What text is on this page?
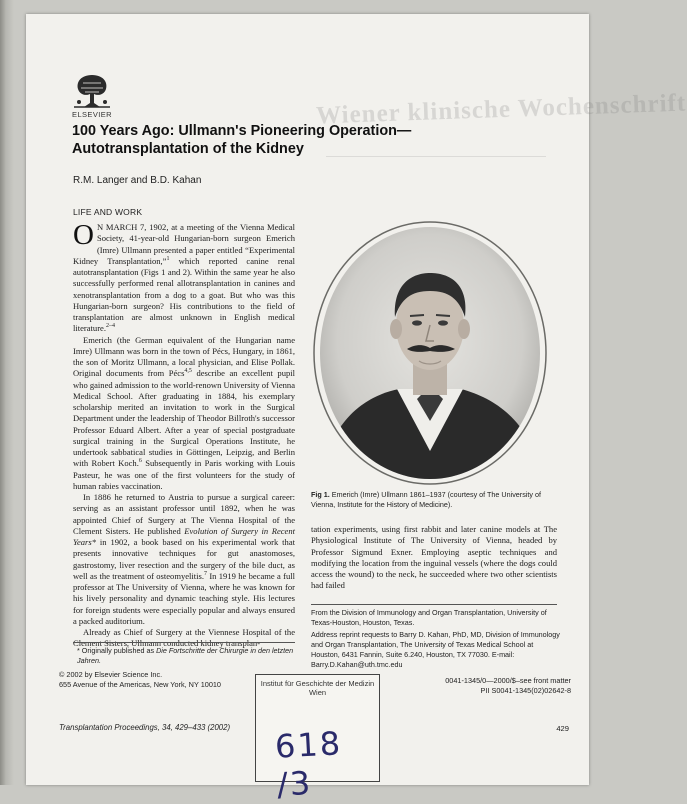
Wiener klinische Wochenschrift
ELSEVIER
100 Years Ago: Ullmann's Pioneering Operation—Autotransplantation of the Kidney
R.M. Langer and B.D. Kahan
LIFE AND WORK

O N MARCH 7, 1902, at a meeting of the Vienna Medical Society, 41-year-old Hungarian-born surgeon Emerich (Imre) Ullmann presented a paper entitled “Experimental Kidney Transplantation,”$^1$ which reported canine renal autotransplantation (Figs 1 and 2). Within the same year he also successfully performed renal allotransplantation in canines and xenotransplantation from a dog to a goat. But who was this Hungarian-born surgeon? His contributions to the field of transplantation are almost unknown in English medical literature.$^{2-4}$

Emerich (the German equivalent of the Hungarian name Imre) Ullmann was born in the town of Pécs, Hungary, in 1861, the son of Moritz Ullmann, a local physician, and Elise Pollak. Original documents from Pécs$^{4,5}$ describe an excellent pupil who gained admission to the world-renown University of Vienna Medical School. After graduating in 1884, his exemplary scholarship merited an invitation to work in the Surgical Department under the leadership of Theodor Billroth's successor Professor Eduard Albert. After a year of special postgraduate surgical training in the Surgical Operations Institute, he undertook sabbatical studies in Göttingen, Leipzig, and Berlin with Robert Koch.$^6$ Subsequently in Paris working with Louis Pasteur, he was one of the first volunteers for the study of human rabies vaccination.

In 1886 he returned to Austria to pursue a surgical career: serving as an assistant professor until 1892, when he was appointed Chief of Surgery at The Vienna Hospital of the Clement Sisters. He published Evolution of Surgery in Recent Years* in 1902, a book based on his experimental work that presents innovative techniques for gut anastomoses, gastrostomy, liver resection and the surgery of the bile duct, as well as the treatment of osteomyelitis.$^7$ In 1919 he became a full professor at The University of Vienna, where he was known for his lively personality and dynamic teaching style. His lectures for foreign students were especially popular and always ensured a packed auditorium.

Already as Chief of Surgery at the Viennese Hospital of the Clement Sisters, Ullmann conducted kidney transplan-

Fig 1. Emerich (Imre) Ullmann 1861–1937 (courtesy of The University of Vienna, Institute for the History of Medicine).

tation experiments, using first rabbit and later canine models at The Physiological Institute of The University of Vienna, headed by Professor Sigmund Exner. Employing aseptic techniques and modifying the location from the inguinal vessels (where the dogs could access the wound) to the neck, he succeeded where two other scientists had failed

* Originally published as Die Fortschritte der Chirurgie in den letzten Jahren.

From the Division of Immunology and Organ Transplantation, University of Texas-Houston, Houston, Texas.

Address reprint requests to Barry D. Kahan, PhD, MD, Division of Immunology and Organ Transplantation, The University of Texas Medical School at Houston, 6431 Fannin, Suite 6.240, Houston, TX 77030. E-mail: Barry.D.Kahan@uth.tmc.edu

© 2002 by Elsevier Science Inc.
655 Avenue of the Americas, New York, NY 10010	0041-1345/0—2000/$–see front matter
PII S0041-1345(02)02642-8
Transplantation Proceedings, 34, 429–433 (2002)	429
Institut für Geschichte der Medizin
Wien
618 /3
